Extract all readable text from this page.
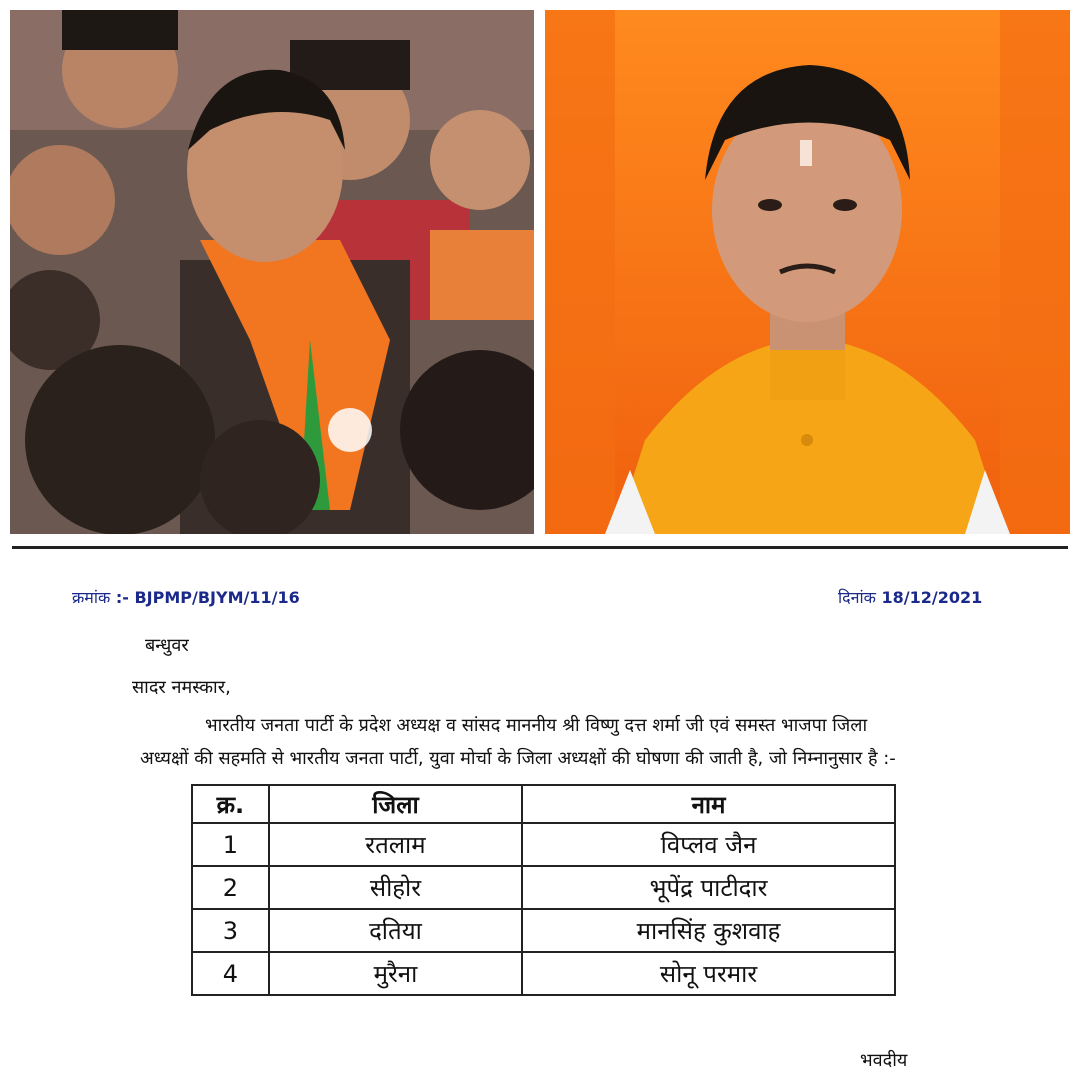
क्रमांक :- BJPMP/BJYM/11/16	दिनांक 18/12/2021
बन्धुवर
सादर नमस्कार,
भारतीय जनता पार्टी के प्रदेश अध्यक्ष व सांसद माननीय श्री विष्णु दत्त शर्मा जी एवं समस्त भाजपा जिला
अध्यक्षों की सहमति से भारतीय जनता पार्टी, युवा मोर्चा के जिला अध्यक्षों की घोषणा की जाती है, जो निम्नानुसार है :-
क्र.	जिला	नाम
1	रतलाम	विप्लव जैन
2	सीहोर	भूपेंद्र पाटीदार
3	दतिया	मानसिंह कुशवाह
4	मुरैना	सोनू परमार
भवदीय
